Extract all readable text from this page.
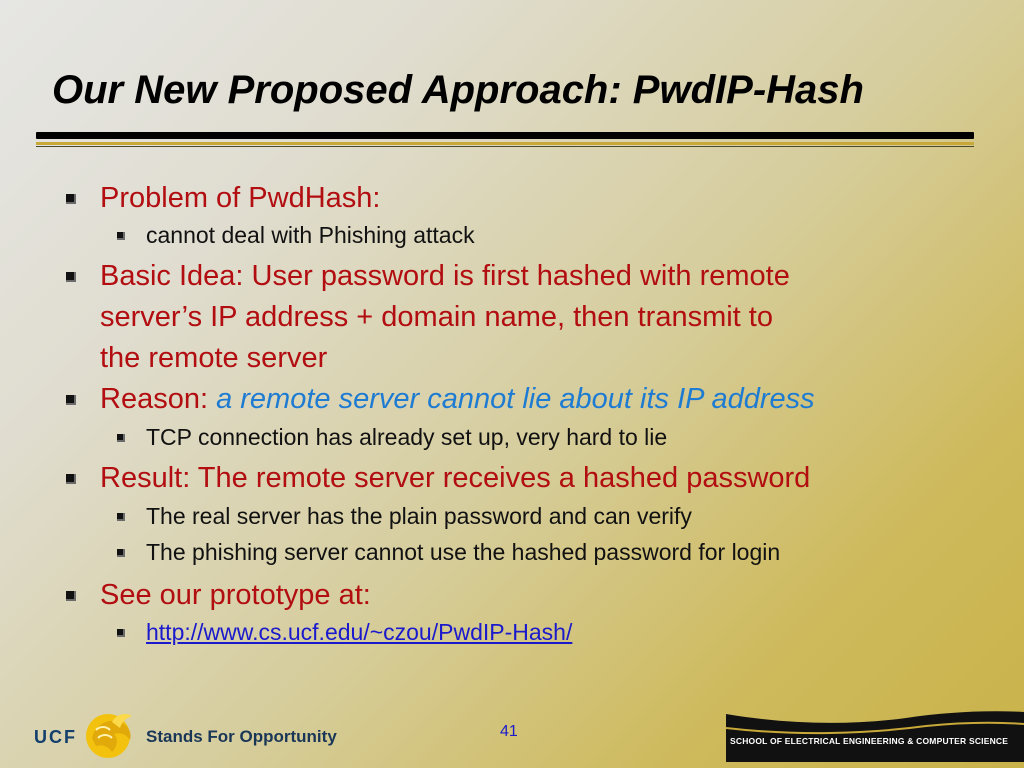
Our New Proposed Approach: PwdIP-Hash
Problem of PwdHash:
cannot deal with Phishing attack
Basic Idea: User password is first hashed with remote
server’s IP address + domain name, then transmit to
the remote server
Reason: a remote server cannot lie about its IP address
TCP connection has already set up, very hard to lie
Result: The remote server receives a hashed password
The real server has the plain password and can verify
The phishing server cannot use the hashed password for login
See our prototype at:
http://www.cs.ucf.edu/~czou/PwdIP-Hash/
UCF	Stands For Opportunity	41
SCHOOL OF ELECTRICAL ENGINEERING & COMPUTER SCIENCE
